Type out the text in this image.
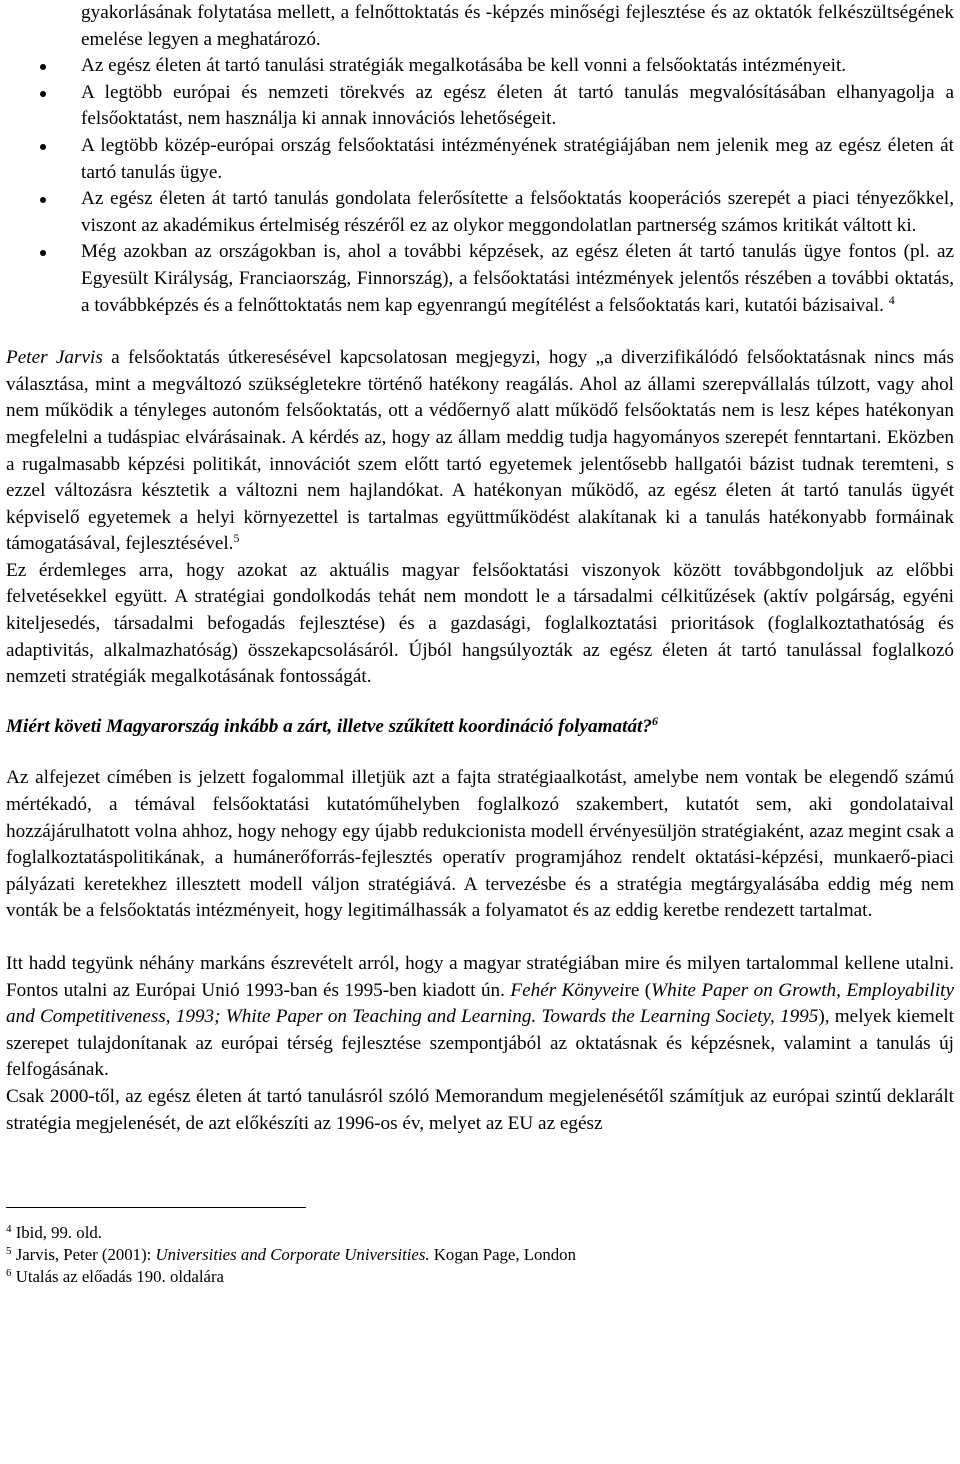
gyakorlásának folytatása mellett, a felnőttoktatás és -képzés minőségi fejlesztése és az oktatók felkészültségének emelése legyen a meghatározó.

Az egész életen át tartó tanulási stratégiák megalkotásába be kell vonni a felsőoktatás intézményeit.
A legtöbb európai és nemzeti törekvés az egész életen át tartó tanulás megvalósításában elhanyagolja a felsőoktatást, nem használja ki annak innovációs lehetőségeit.
A legtöbb közép-európai ország felsőoktatási intézményének stratégiájában nem jelenik meg az egész életen át tartó tanulás ügye.
Az egész életen át tartó tanulás gondolata felerősítette a felsőoktatás kooperációs szerepét a piaci tényezőkkel, viszont az akadémikus értelmiség részéről ez az olykor meggondolatlan partnerség számos kritikát váltott ki.
Még azokban az országokban is, ahol a további képzések, az egész életen át tartó tanulás ügye fontos (pl. az Egyesült Királyság, Franciaország, Finnország), a felsőoktatási intézmények jelentős részében a további oktatás, a továbbképzés és a felnőttoktatás nem kap egyenrangú megítélést a felsőoktatás kari, kutatói bázisaival. $^4$

Peter Jarvis a felsőoktatás útkeresésével kapcsolatosan megjegyzi, hogy „a diverzifikálódó felsőoktatásnak nincs más választása, mint a megváltozó szükségletekre történő hatékony reagálás. Ahol az állami szerepvállalás túlzott, vagy ahol nem működik a tényleges autonóm felsőoktatás, ott a védőernyő alatt működő felsőoktatás nem is lesz képes hatékonyan megfelelni a tudáspiac elvárásainak. A kérdés az, hogy az állam meddig tudja hagyományos szerepét fenntartani. Eközben a rugalmasabb képzési politikát, innovációt szem előtt tartó egyetemek jelentősebb hallgatói bázist tudnak teremteni, s ezzel változásra késztetik a változni nem hajlandókat. A hatékonyan működő, az egész életen át tartó tanulás ügyét képviselő egyetemek a helyi környezettel is tartalmas együttműködést alakítanak ki a tanulás hatékonyabb formáinak támogatásával, fejlesztésével.$^5$

Ez érdemleges arra, hogy azokat az aktuális magyar felsőoktatási viszonyok között továbbgondoljuk az előbbi felvetésekkel együtt. A stratégiai gondolkodás tehát nem mondott le a társadalmi célkitűzések (aktív polgárság, egyéni kiteljesedés, társadalmi befogadás fejlesztése) és a gazdasági, foglalkoztatási prioritások (foglalkoztathatóság és adaptivitás, alkalmazhatóság) összekapcsolásáról. Újból hangsúlyozták az egész életen át tartó tanulással foglalkozó nemzeti stratégiák megalkotásának fontosságát.

Miért követi Magyarország inkább a zárt, illetve szűkített koordináció folyamatát?$^6$

Az alfejezet címében is jelzett fogalommal illetjük azt a fajta stratégiaalkotást, amelybe nem vontak be elegendő számú mértékadó, a témával felsőoktatási kutatóműhelyben foglalkozó szakembert, kutatót sem, aki gondolataival hozzájárulhatott volna ahhoz, hogy nehogy egy újabb redukcionista modell érvényesüljön stratégiaként, azaz megint csak a foglalkoztatáspolitikának, a humánerőforrás-fejlesztés operatív programjához rendelt oktatási-képzési, munkaerő-piaci pályázati keretekhez illesztett modell váljon stratégiává. A tervezésbe és a stratégia megtárgyalásába eddig még nem vonták be a felsőoktatás intézményeit, hogy legitimálhassák a folyamatot és az eddig keretbe rendezett tartalmat.

Itt hadd tegyünk néhány markáns észrevételt arról, hogy a magyar stratégiában mire és milyen tartalommal kellene utalni. Fontos utalni az Európai Unió 1993-ban és 1995-ben kiadott ún. Fehér Könyveire (White Paper on Growth, Employability and Competitiveness, 1993; White Paper on Teaching and Learning. Towards the Learning Society, 1995), melyek kiemelt szerepet tulajdonítanak az európai térség fejlesztése szempontjából az oktatásnak és képzésnek, valamint a tanulás új felfogásának.

Csak 2000-től, az egész életen át tartó tanulásról szóló Memorandum megjelenésétől számítjuk az európai szintű deklarált stratégia megjelenését, de azt előkészíti az 1996-os év, melyet az EU az egész

$^4$ Ibid, 99. old.
$^5$ Jarvis, Peter (2001): Universities and Corporate Universities. Kogan Page, London
$^6$ Utalás az előadás 190. oldalára
